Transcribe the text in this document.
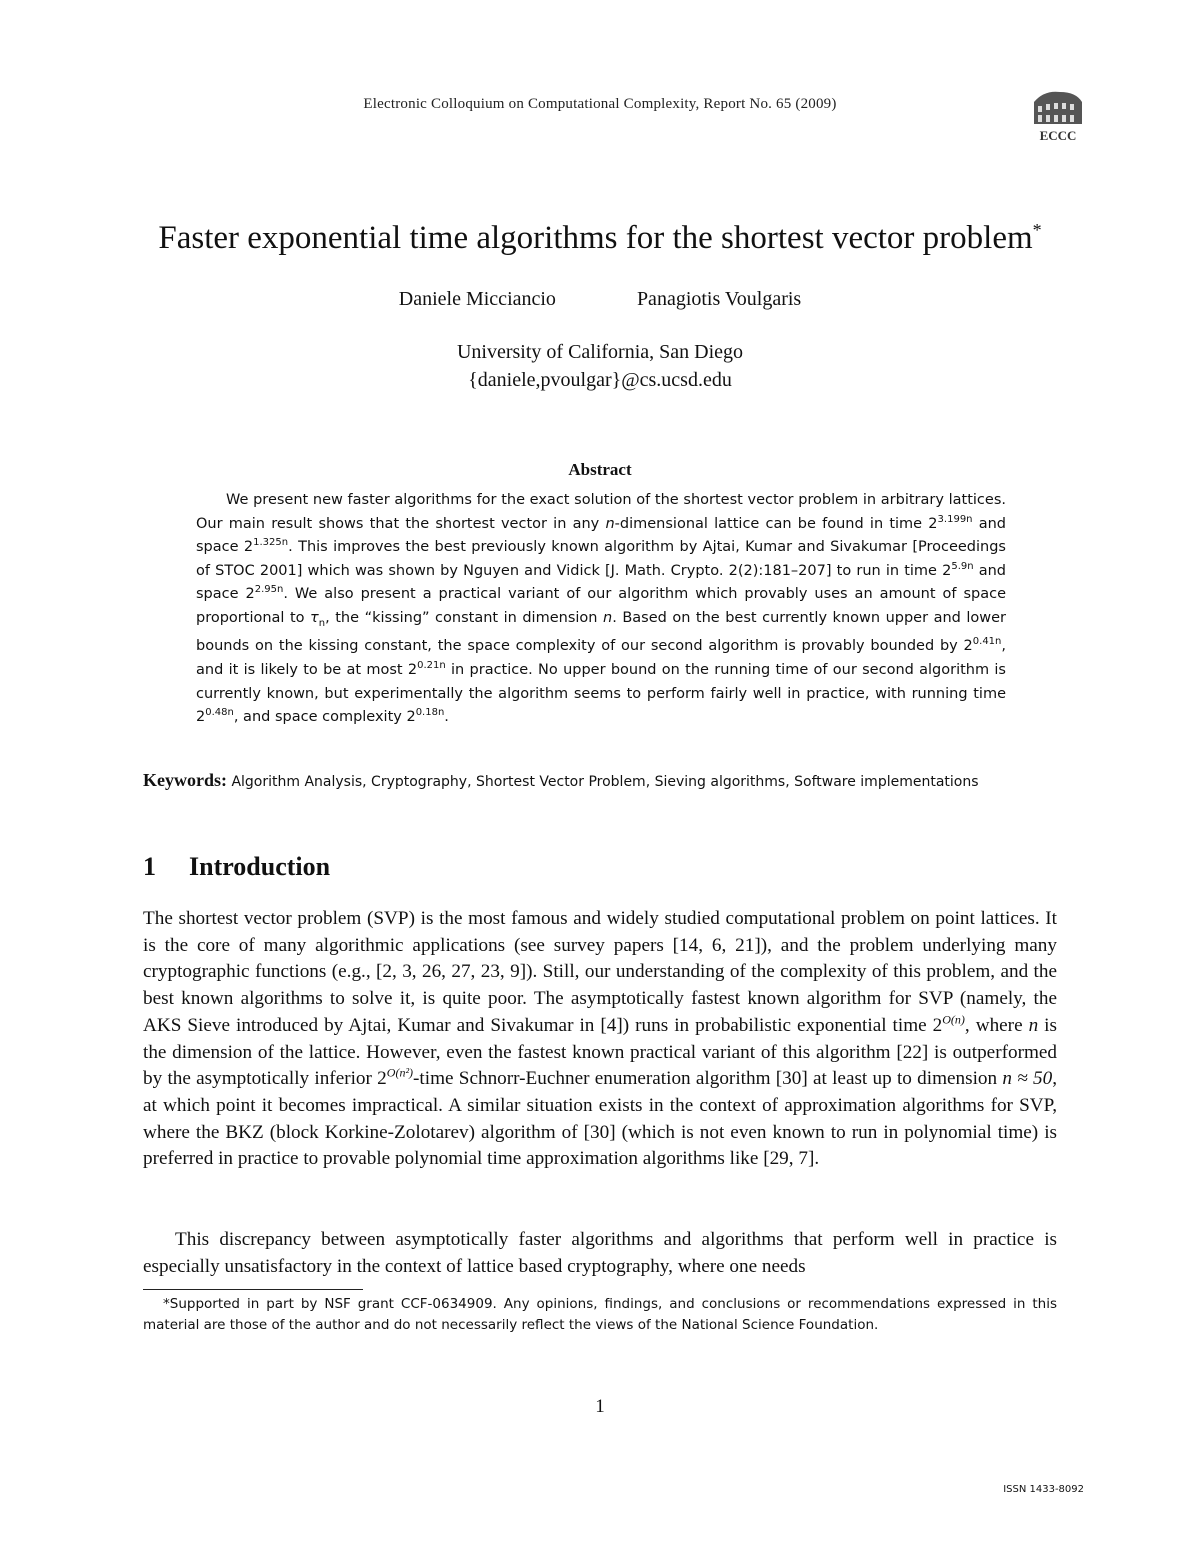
Electronic Colloquium on Computational Complexity, Report No. 65 (2009)
ECCC
Faster exponential time algorithms for the shortest vector problem*
Daniele Micciancio	Panagiotis Voulgaris
University of California, San Diego
{daniele,pvoulgar}@cs.ucsd.edu
Abstract
We present new faster algorithms for the exact solution of the shortest vector problem in arbitrary lattices. Our main result shows that the shortest vector in any n-dimensional lattice can be found in time $2^{3.199n}$ and space $2^{1.325n}$. This improves the best previously known algorithm by Ajtai, Kumar and Sivakumar [Proceedings of STOC 2001] which was shown by Nguyen and Vidick [J. Math. Crypto. 2(2):181–207] to run in time $2^{5.9n}$ and space $2^{2.95n}$. We also present a practical variant of our algorithm which provably uses an amount of space proportional to $\tau_n$, the “kissing” constant in dimension n. Based on the best currently known upper and lower bounds on the kissing constant, the space complexity of our second algorithm is provably bounded by $2^{0.41n}$, and it is likely to be at most $2^{0.21n}$ in practice. No upper bound on the running time of our second algorithm is currently known, but experimentally the algorithm seems to perform fairly well in practice, with running time $2^{0.48n}$, and space complexity $2^{0.18n}$.
Keywords: Algorithm Analysis, Cryptography, Shortest Vector Problem, Sieving algorithms, Software implementations
1 Introduction
The shortest vector problem (SVP) is the most famous and widely studied computational problem on point lattices. It is the core of many algorithmic applications (see survey papers [14, 6, 21]), and the problem underlying many cryptographic functions (e.g., [2, 3, 26, 27, 23, 9]). Still, our understanding of the complexity of this problem, and the best known algorithms to solve it, is quite poor. The asymptotically fastest known algorithm for SVP (namely, the AKS Sieve introduced by Ajtai, Kumar and Sivakumar in [4]) runs in probabilistic exponential time $2^{O(n)}$, where n is the dimension of the lattice. However, even the fastest known practical variant of this algorithm [22] is outperformed by the asymptotically inferior $2^{O(n^2)}$-time Schnorr-Euchner enumeration algorithm [30] at least up to dimension n ≈ 50, at which point it becomes impractical. A similar situation exists in the context of approximation algorithms for SVP, where the BKZ (block Korkine-Zolotarev) algorithm of [30] (which is not even known to run in polynomial time) is preferred in practice to provable polynomial time approximation algorithms like [29, 7].
This discrepancy between asymptotically faster algorithms and algorithms that perform well in practice is especially unsatisfactory in the context of lattice based cryptography, where one needs
*Supported in part by NSF grant CCF-0634909. Any opinions, findings, and conclusions or recommendations expressed in this material are those of the author and do not necessarily reflect the views of the National Science Foundation.
1
ISSN 1433-8092
